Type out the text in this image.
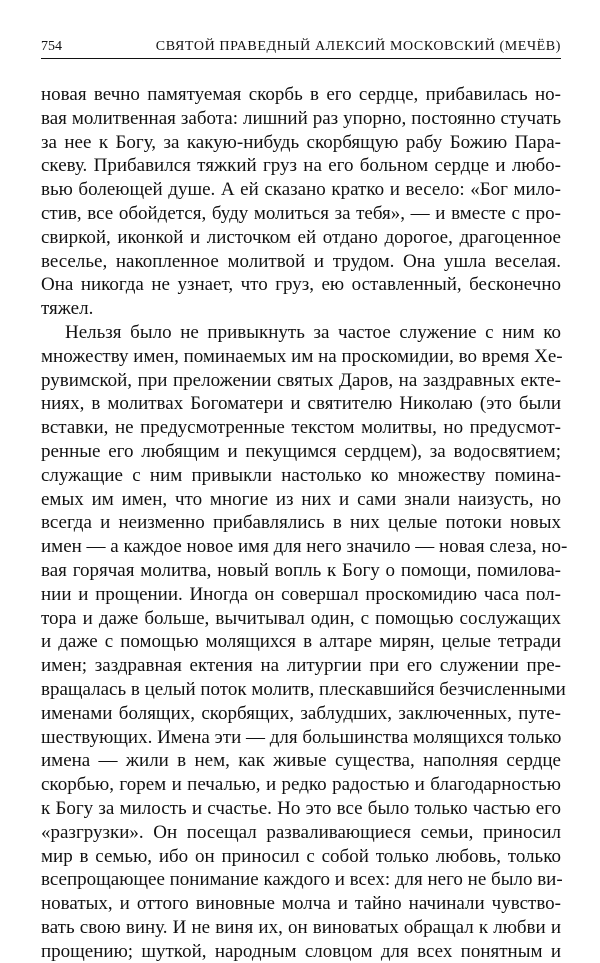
754	СВЯТОЙ ПРАВЕДНЫЙ АЛЕКСИЙ МОСКОВСКИЙ (МЕЧЁВ)
новая вечно памятуемая скорбь в его сердце, прибавилась но-
вая молитвенная забота: лишний раз упорно, постоянно стучать
за нее к Богу, за какую-нибудь скорбящую рабу Божию Пара-
скеву. Прибавился тяжкий груз на его больном сердце и любо-
вью болеющей душе. А ей сказано кратко и весело: «Бог мило-
стив, все обойдется, буду молиться за тебя», — и вместе с про-
свиркой, иконкой и листочком ей отдано дорогое, драгоценное
веселье, накопленное молитвой и трудом. Она ушла веселая.
Она никогда не узнает, что груз, ею оставленный, бесконечно
тяжел.
Нельзя было не привыкнуть за частое служение с ним ко
множеству имен, поминаемых им на проскомидии, во время Хе-
рувимской, при преложении святых Даров, на заздравных екте-
ниях, в молитвах Богоматери и святителю Николаю (это были
вставки, не предусмотренные текстом молитвы, но предусмот-
ренные его любящим и пекущимся сердцем), за водосвятием;
служащие с ним привыкли настолько ко множеству помина-
емых им имен, что многие из них и сами знали наизусть, но
всегда и неизменно прибавлялись в них целые потоки новых
имен — а каждое новое имя для него значило — новая слеза, но-
вая горячая молитва, новый вопль к Богу о помощи, помилова-
нии и прощении. Иногда он совершал проскомидию часа пол-
тора и даже больше, вычитывал один, с помощью сослужащих
и даже с помощью молящихся в алтаре мирян, целые тетради
имен; заздравная ектения на литургии при его служении пре-
вращалась в целый поток молитв, плескавшийся безчисленными
именами болящих, скорбящих, заблудших, заключенных, путе-
шествующих. Имена эти — для большинства молящихся только
имена — жили в нем, как живые существа, наполняя сердце
скорбью, горем и печалью, и редко радостью и благодарностью
к Богу за милость и счастье. Но это все было только частью его
«разгрузки». Он посещал разваливающиеся семьи, приносил
мир в семью, ибо он приносил с собой только любовь, только
всепрощающее понимание каждого и всех: для него не было ви-
новатых, и оттого виновные молча и тайно начинали чувство-
вать свою вину. И не виня их, он виноватых обращал к любви и
прощению; шуткой, народным словцом для всех понятным и
